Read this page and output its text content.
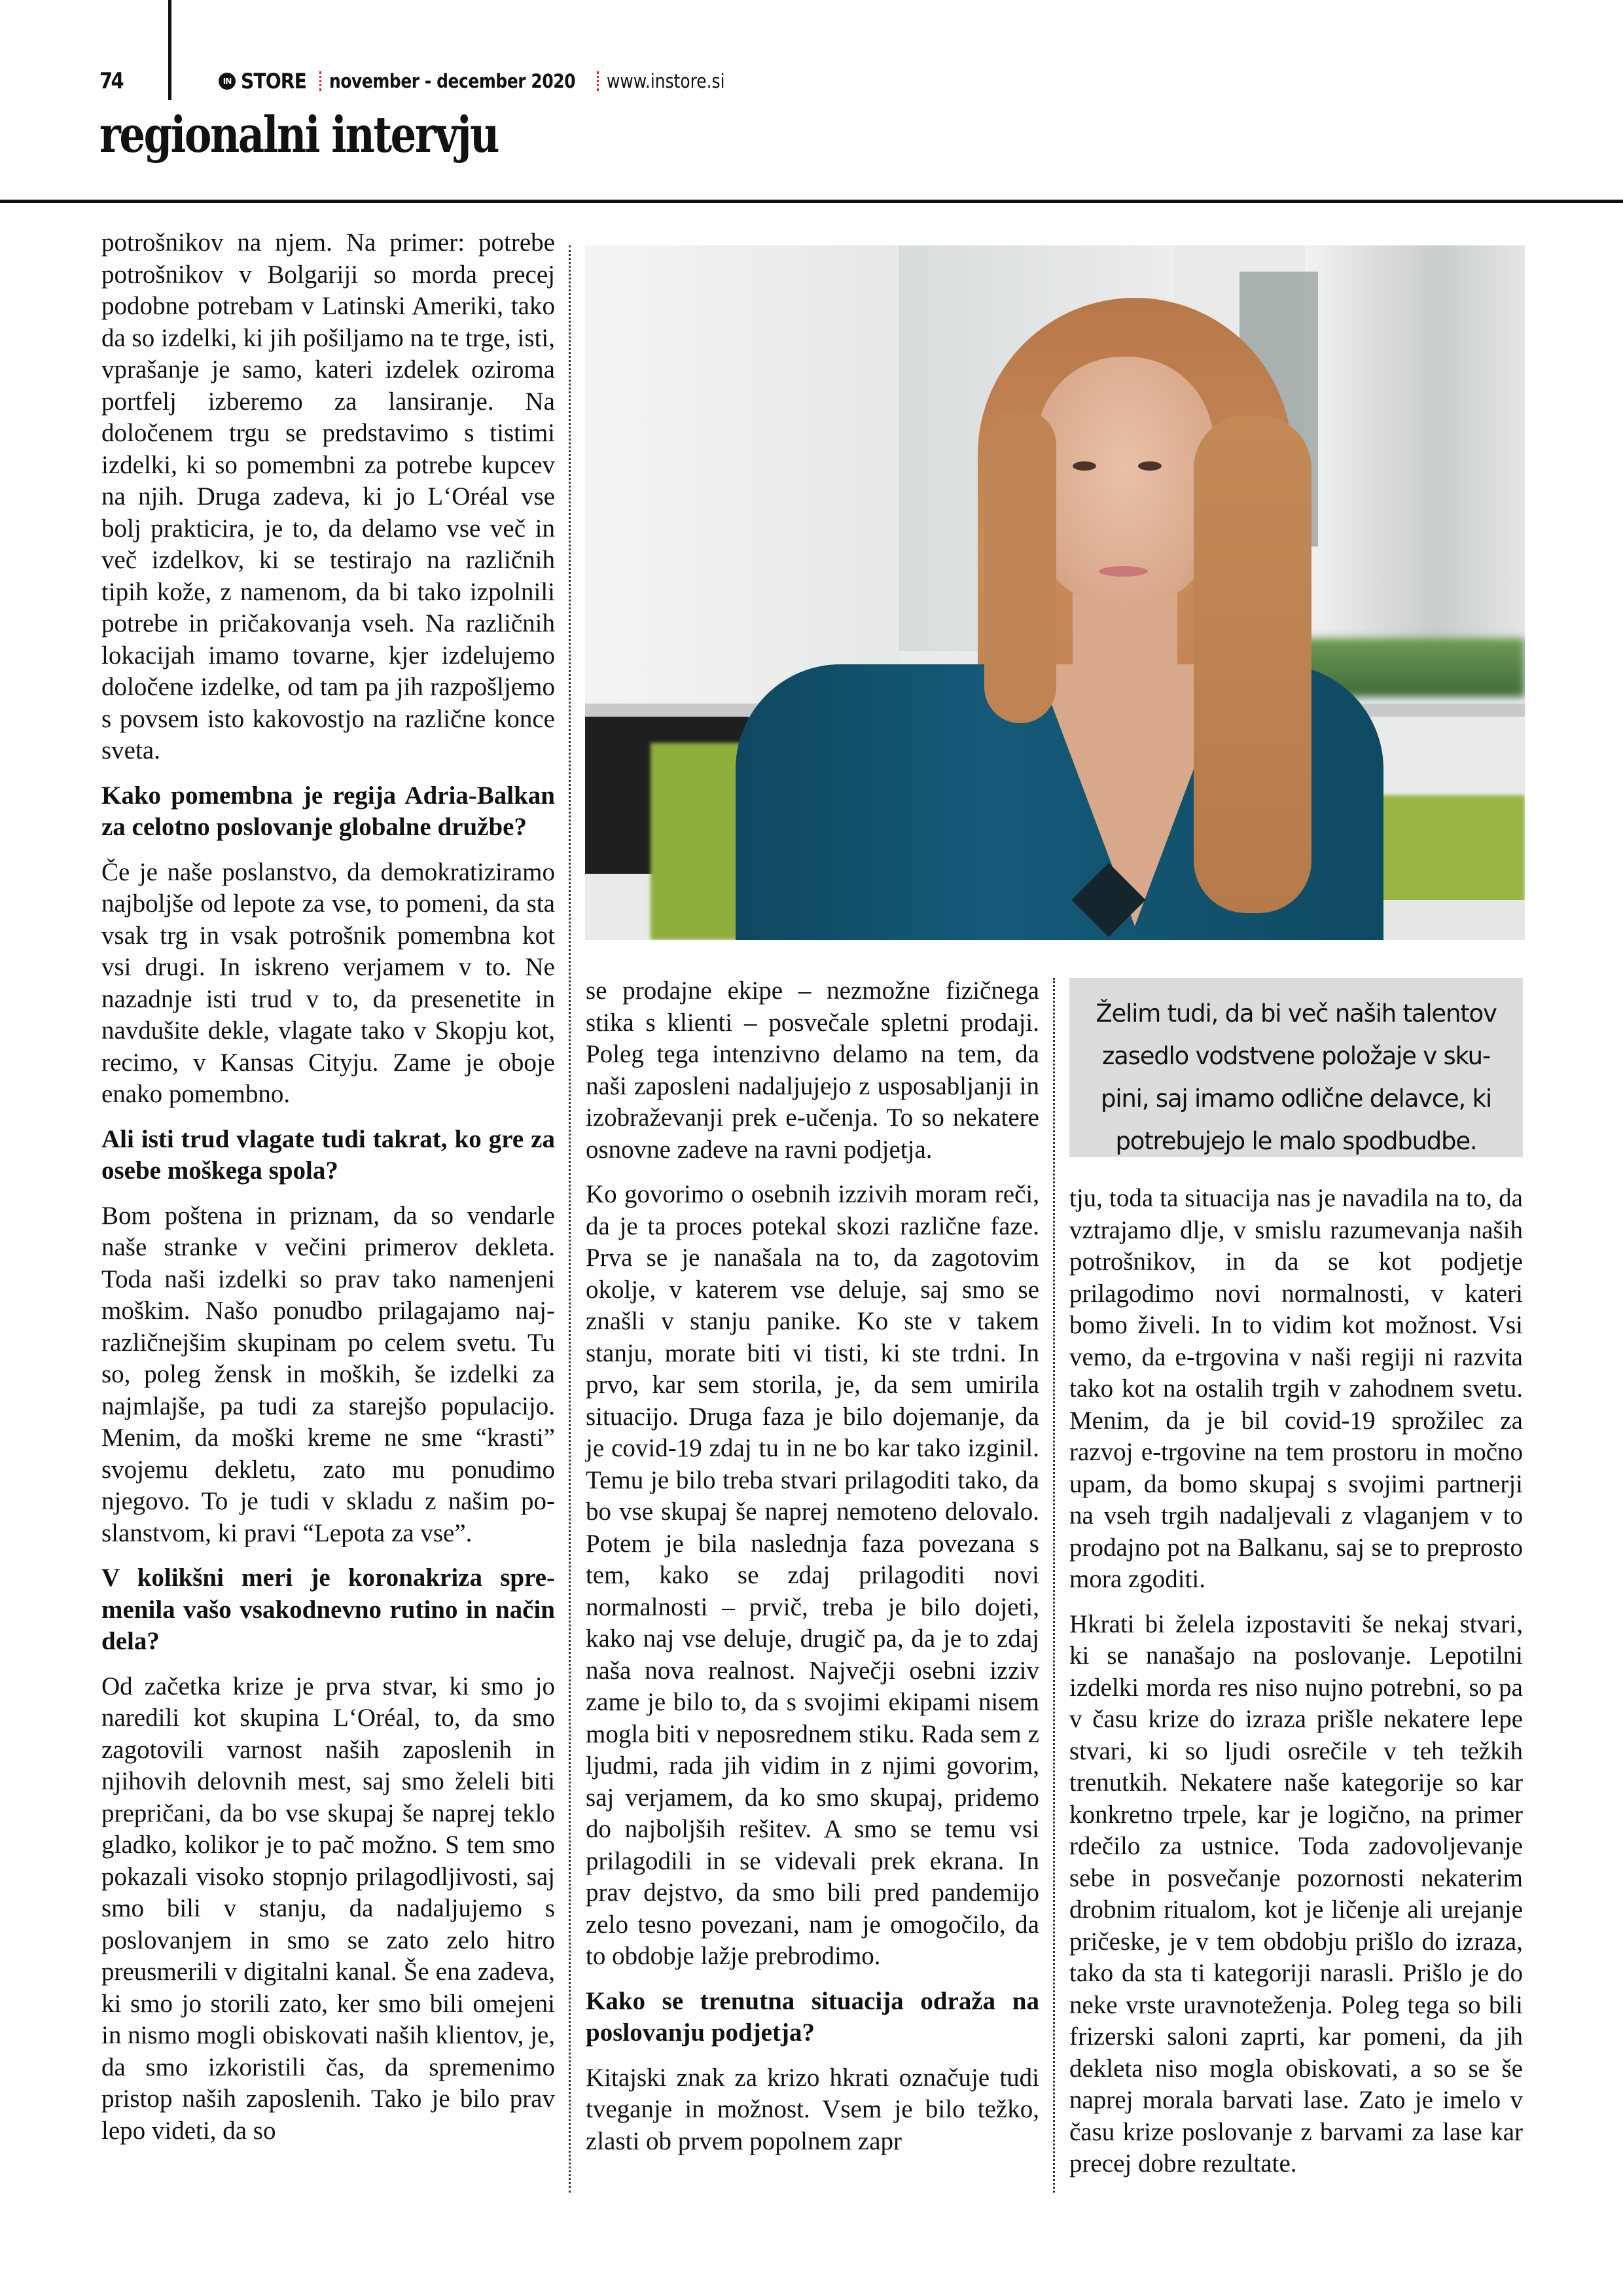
74	IN STORE november - december 2020 www.instore.si
regionalni intervju

potrošnikov na njem. Na primer: potrebe potrošnikov v Bolgariji so morda precej podobne potrebam v Latinski Ameriki, tako da so izdelki, ki jih pošiljamo na te trge, isti, vprašanje je samo, kateri izdelek oziroma portfelj izberemo za lansiranje. Na določenem trgu se predstavimo s tistimi izdelki, ki so pomembni za potrebe kupcev na njih. Druga zadeva, ki jo L‘Oréal vse bolj prakticira, je to, da delamo vse več in več izdelkov, ki se testirajo na različnih tipih kože, z namenom, da bi tako izpolnili potrebe in pričakovanja vseh. Na različnih lokacijah imamo tovarne, kjer izdelujemo določene izdelke, od tam pa jih razpošljemo s povsem isto kakovostjo na različne konce sveta.

Kako pomembna je regija Adria-Balkan za celotno poslovanje globalne družbe?

Če je naše poslanstvo, da demokratiziramo najboljše od lepote za vse, to pomeni, da sta vsak trg in vsak potrošnik pomembna kot vsi drugi. In iskreno verjamem v to. Ne nazadnje isti trud v to, da presenetite in navdušite dekle, vlagate tako v Skopju kot, recimo, v Kansas Cityju. Zame je oboje enako pomembno.

Ali isti trud vlagate tudi takrat, ko gre za osebe moškega spola?

Bom poštena in priznam, da so vendarle naše stranke v večini primerov dekleta. Toda naši izdelki so prav tako namenjeni moškim. Našo ponudbo prilagajamo najrazličnejšim skupinam po celem svetu. Tu so, poleg žensk in moških, še izdelki za najmlajše, pa tudi za starejšo populacijo. Menim, da moški kreme ne sme “krasti” svojemu dekletu, zato mu ponudimo njegovo. To je tudi v skladu z našim poslanstvom, ki pravi “Lepota za vse”.

V kolikšni meri je koronakriza spremenila vašo vsakodnevno rutino in način dela?

Od začetka krize je prva stvar, ki smo jo naredili kot skupina L‘Oréal, to, da smo zagotovili varnost naših zaposlenih in njihovih delovnih mest, saj smo želeli biti prepričani, da bo vse skupaj še naprej teklo gladko, kolikor je to pač možno. S tem smo pokazali visoko stopnjo prilagodljivosti, saj smo bili v stanju, da nadaljujemo s poslovanjem in smo se zato zelo hitro preusmerili v digitalni kanal. Še ena zadeva, ki smo jo storili zato, ker smo bili omejeni in nismo mogli obiskovati naših klientov, je, da smo izkoristili čas, da spremenimo pristop naših zaposlenih. Tako je bilo prav lepo videti, da so

se prodajne ekipe – nezmožne fizičnega stika s klienti – posvečale spletni prodaji. Poleg tega intenzivno delamo na tem, da naši zaposleni nadaljujejo z usposabljanji in izobraževanji prek e-učenja. To so nekatere osnovne zadeve na ravni podjetja.

Ko govorimo o osebnih izzivih moram reči, da je ta proces potekal skozi različne faze. Prva se je nanašala na to, da zagotovim okolje, v katerem vse deluje, saj smo se znašli v stanju panike. Ko ste v takem stanju, morate biti vi tisti, ki ste trdni. In prvo, kar sem storila, je, da sem umirila situacijo. Druga faza je bilo dojemanje, da je covid-19 zdaj tu in ne bo kar tako izginil. Temu je bilo treba stvari prilagoditi tako, da bo vse skupaj še naprej nemoteno delovalo. Potem je bila naslednja faza povezana s tem, kako se zdaj prilagoditi novi normalnosti – prvič, treba je bilo dojeti, kako naj vse deluje, drugič pa, da je to zdaj naša nova realnost. Največji osebni izziv zame je bilo to, da s svojimi ekipami nisem mogla biti v neposrednem stiku. Rada sem z ljudmi, rada jih vidim in z njimi govorim, saj verjamem, da ko smo skupaj, pridemo do najboljših rešitev. A smo se temu vsi prilagodili in se videvali prek ekrana. In prav dejstvo, da smo bili pred pandemijo zelo tesno povezani, nam je omogočilo, da to obdobje lažje prebrodimo.

Kako se trenutna situacija odraža na poslovanju podjetja?

Kitajski znak za krizo hkrati označuje tudi tveganje in možnost. Vsem je bilo težko, zlasti ob prvem popolnem zapr

Želim tudi, da bi več naših talentov
zasedlo vodstvene položaje v sku-
pini, saj imamo odlične delavce, ki
potrebujejo le malo spodbudbe.

tju, toda ta situacija nas je navadila na to, da vztrajamo dlje, v smislu razumevanja naših potrošnikov, in da se kot podjetje prilagodimo novi normalnosti, v kateri bomo živeli. In to vidim kot možnost. Vsi vemo, da e-trgovina v naši regiji ni razvita tako kot na ostalih trgih v zahodnem svetu. Menim, da je bil covid-19 sprožilec za razvoj e-trgovine na tem prostoru in močno upam, da bomo skupaj s svojimi partnerji na vseh trgih nadaljevali z vlaganjem v to prodajno pot na Balkanu, saj se to preprosto mora zgoditi.

Hkrati bi želela izpostaviti še nekaj stvari, ki se nanašajo na poslovanje. Lepotilni izdelki morda res niso nujno potrebni, so pa v času krize do izraza prišle nekatere lepe stvari, ki so ljudi osrečile v teh težkih trenutkih. Nekatere naše kategorije so kar konkretno trpele, kar je logično, na primer rdečilo za ustnice. Toda zadovoljevanje sebe in posvečanje pozornosti nekaterim drobnim ritualom, kot je ličenje ali urejanje pričeske, je v tem obdobju prišlo do izraza, tako da sta ti kategoriji narasli. Prišlo je do neke vrste uravnoteženja. Poleg tega so bili frizerski saloni zaprti, kar pomeni, da jih dekleta niso mogla obiskovati, a so se še naprej morala barvati lase. Zato je imelo v času krize poslovanje z barvami za lase kar precej dobre rezultate.
